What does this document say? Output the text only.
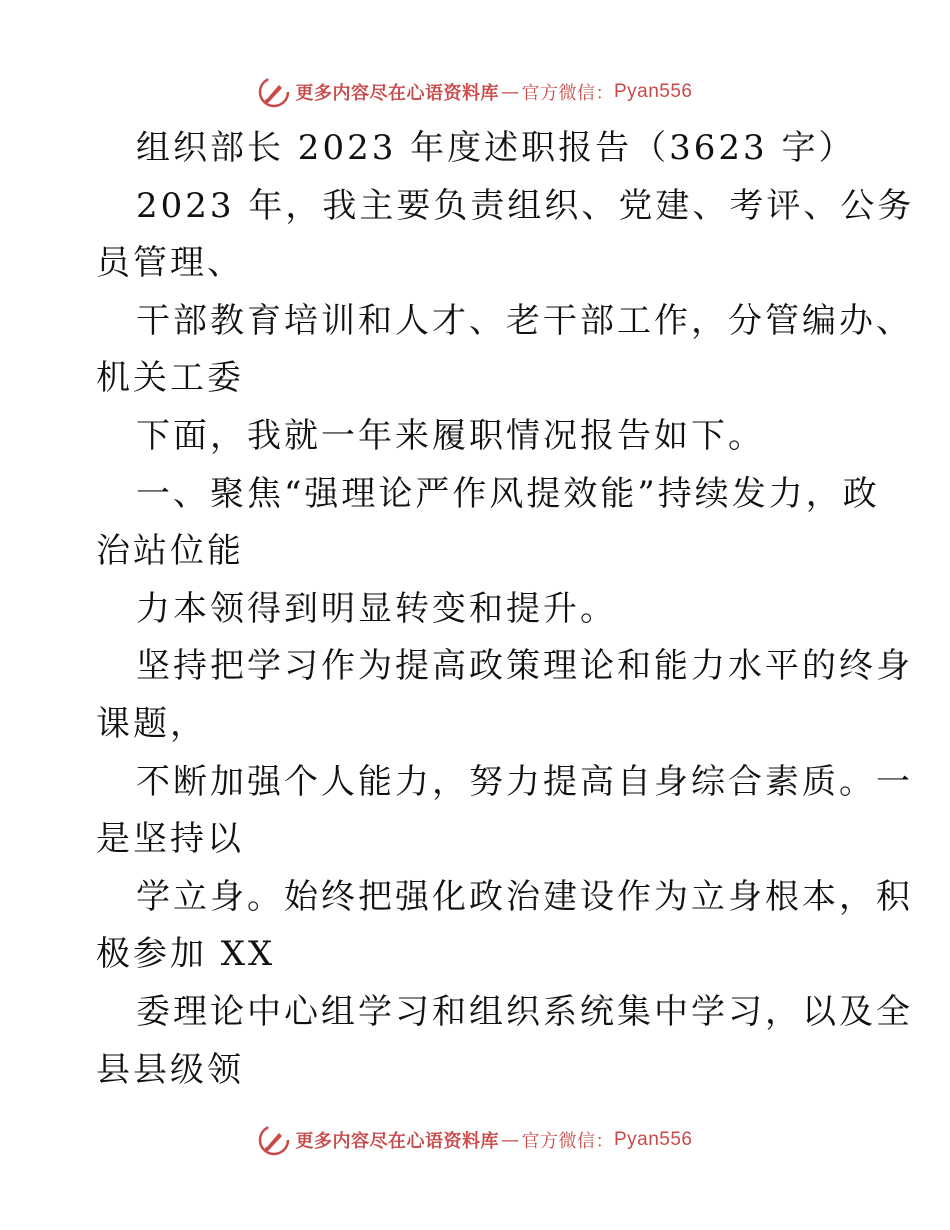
更多内容尽在心语资料库 — 官方微信： Pyan556
组织部长 2023 年度述职报告（3623 字）
2023 年，我主要负责组织、党建、考评、公务
员管理、
干部教育培训和人才、老干部工作，分管编办、
机关工委
下面，我就一年来履职情况报告如下。
一、聚焦“强理论严作风提效能”持续发力，政
治站位能
力本领得到明显转变和提升。
坚持把学习作为提高政策理论和能力水平的终身
课题，
不断加强个人能力，努力提高自身综合素质。一
是坚持以
学立身。始终把强化政治建设作为立身根本，积
极参加 XX
委理论中心组学习和组织系统集中学习，以及全
县县级领
更多内容尽在心语资料库 — 官方微信： Pyan556
